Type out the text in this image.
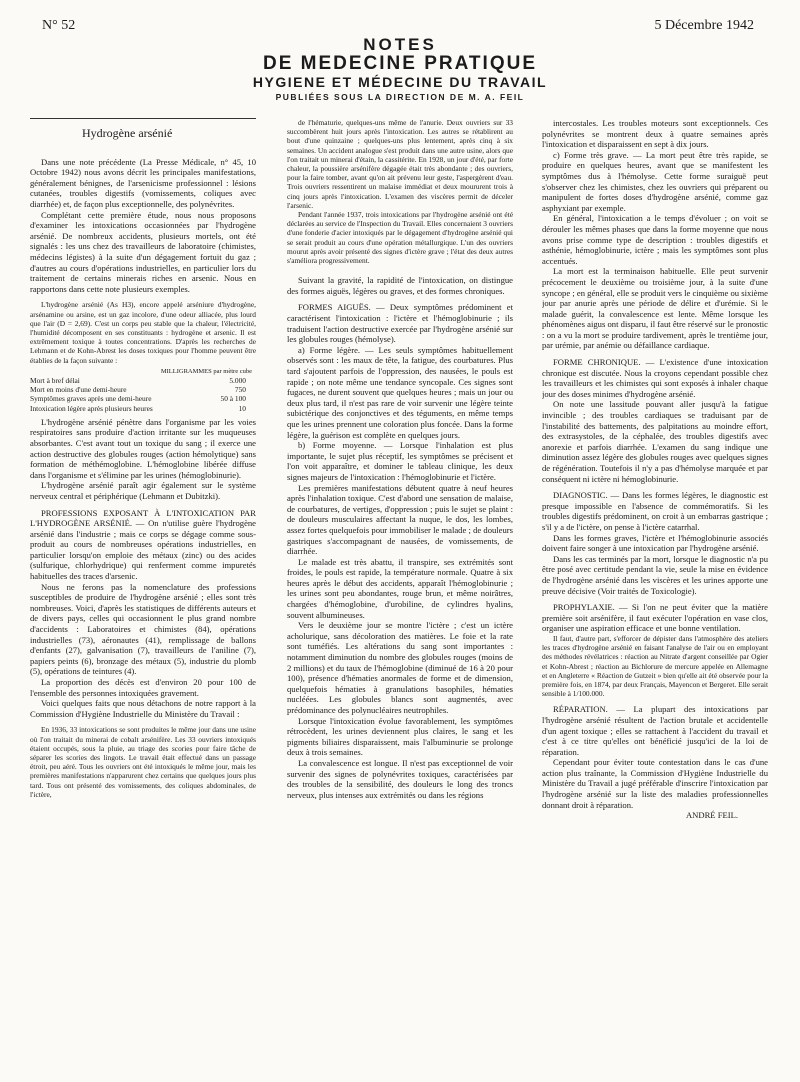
N° 52	5 Décembre 1942
NOTES
DE MEDECINE PRATIQUE
HYGIENE ET MÉDECINE DU TRAVAIL
PUBLIÉES SOUS LA DIRECTION DE M. A. FEIL
Hydrogène arsénié

Dans une note précédente (La Presse Médicale, n° 45, 10 Octobre 1942) nous avons décrit les principales manifestations, généralement bénignes, de l'arsenicisme professionnel : lésions cutanées, troubles digestifs (vomissements, coliques avec diarrhée) et, de façon plus exceptionnelle, des polynévrites.

Complétant cette première étude, nous nous proposons d'examiner les intoxications occasionnées par l'hydrogène arsénié. De nombreux accidents, plusieurs mortels, ont été signalés : les uns chez des travailleurs de laboratoire (chimistes, médecins légistes) à la suite d'un dégagement fortuit du gaz ; d'autres au cours d'opérations industrielles, en particulier lors du traitement de certains minerais riches en arsenic. Nous en rapportons dans cette note plusieurs exemples.

L'hydrogène arsénié (As H3), encore appelé arséniure d'hydrogène, arsénamine ou arsine, est un gaz incolore, d'une odeur alliacée, plus lourd que l'air (D = 2,69). C'est un corps peu stable que la chaleur, l'électricité, l'humidité décomposent en ses constituants : hydrogène et arsenic. Il est extrêmement toxique à toutes concentrations. D'après les recherches de Lehmann et de Kohn-Abrest les doses toxiques pour l'homme peuvent être établies de la façon suivante :

MILLIGRAMMES par mètre cube
Mort à bref délai	5.000
Mort en moins d'une demi-heure	750
Symptômes graves après une demi-heure	50 à 100
Intoxication légère après plusieurs heures	10

L'hydrogène arsénié pénètre dans l'organisme par les voies respiratoires sans produire d'action irritante sur les muqueuses absorbantes. C'est avant tout un toxique du sang ; il exerce une action destructive des globules rouges (action hémolytique) sans formation de méthémoglobine. L'hémoglobine libérée diffuse dans l'organisme et s'élimine par les urines (hémoglobinurie).

L'hydrogène arsénié paraît agir également sur le système nerveux central et périphérique (Lehmann et Dubitzki).

PROFESSIONS EXPOSANT À L'INTOXICATION PAR L'HYDROGÈNE ARSÉNIÉ. — On n'utilise guère l'hydrogène arsénié dans l'industrie ; mais ce corps se dégage comme sous-produit au cours de nombreuses opérations industrielles, en particulier lorsqu'on emploie des métaux (zinc) ou des acides (sulfurique, chlorhydrique) qui renferment comme impuretés habituelles des traces d'arsenic.

Nous ne ferons pas la nomenclature des professions susceptibles de produire de l'hydrogène arsénié ; elles sont très nombreuses. Voici, d'après les statistiques de différents auteurs et de divers pays, celles qui occasionnent le plus grand nombre d'accidents : Laboratoires et chimistes (84), opérations industrielles (73), aéronautes (41), remplissage de ballons d'enfants (27), galvanisation (7), travailleurs de l'aniline (7), papiers peints (6), bronzage des métaux (5), industrie du plomb (5), opérations de teintures (4).

La proportion des décès est d'environ 20 pour 100 de l'ensemble des personnes intoxiquées gravement.

Voici quelques faits que nous détachons de notre rapport à la Commission d'Hygiène Industrielle du Ministère du Travail :

En 1936, 33 intoxications se sont produites le même jour dans une usine où l'on traitait du minerai de cobalt arsénifère. Les 33 ouvriers intoxiqués étaient occupés, sous la pluie, au triage des scories pour faire tâche de séparer les scories des lingots. Le travail était effectué dans un passage étroit, peu aéré. Tous les ouvriers ont été intoxiqués le même jour, mais les premières manifestations n'apparurent chez certains que quelques jours plus tard. Tous ont présenté des vomissements, des coliques abdominales, de l'ictère,

de l'hématurie, quelques-uns même de l'anurie. Deux ouvriers sur 33 succombèrent huit jours après l'intoxication. Les autres se rétablirent au bout d'une quinzaine ; quelques-uns plus lentement, après cinq à six semaines. Un accident analogue s'est produit dans une autre usine, alors que l'on traitait un minerai d'étain, la cassitérite. En 1928, un jour d'été, par forte chaleur, la poussière arsénifère dégagée était très abondante ; des ouvriers, pour la faire tomber, avant qu'on ait prévenu leur geste, l'aspergèrent d'eau. Trois ouvriers ressentirent un malaise immédiat et deux moururent trois à cinq jours après l'intoxication. L'examen des viscères permit de déceler l'arsenic.

Pendant l'année 1937, trois intoxications par l'hydrogène arsénié ont été déclarées au service de l'Inspection du Travail. Elles concernaient 3 ouvriers d'une fonderie d'acier intoxiqués par le dégagement d'hydrogène arsénié qui se serait produit au cours d'une opération métallurgique. L'un des ouvriers mourut après avoir présenté des signes d'ictère grave ; l'état des deux autres s'améliora progressivement.

Suivant la gravité, la rapidité de l'intoxication, on distingue des formes aiguës, légères ou graves, et des formes chroniques.

FORMES AIGUËS. — Deux symptômes prédominent et caractérisent l'intoxication : l'ictère et l'hémoglobinurie ; ils traduisent l'action destructive exercée par l'hydrogène arsénié sur les globules rouges (hémolyse).

a) Forme légère. — Les seuls symptômes habituellement observés sont : les maux de tête, la fatigue, des courbatures. Plus tard s'ajoutent parfois de l'oppression, des nausées, le pouls est rapide ; on note même une tendance syncopale. Ces signes sont fugaces, ne durent souvent que quelques heures ; mais un jour ou deux plus tard, il n'est pas rare de voir survenir une légère teinte subictérique des conjonctives et des téguments, en même temps que les urines prennent une coloration plus foncée. Dans la forme légère, la guérison est complète en quelques jours.

b) Forme moyenne. — Lorsque l'inhalation est plus importante, le sujet plus réceptif, les symptômes se précisent et l'on voit apparaître, et dominer le tableau clinique, les deux signes majeurs de l'intoxication : l'hémoglobinurie et l'ictère.

Les premières manifestations débutent quatre à neuf heures après l'inhalation toxique. C'est d'abord une sensation de malaise, de courbatures, de vertiges, d'oppression ; puis le sujet se plaint : de douleurs musculaires affectant la nuque, le dos, les lombes, assez fortes quelquefois pour immobiliser le malade ; de douleurs gastriques s'accompagnant de nausées, de vomissements, de diarrhée.

Le malade est très abattu, il transpire, ses extrémités sont froides, le pouls est rapide, la température normale. Quatre à six heures après le début des accidents, apparaît l'hémoglobinurie ; les urines sont peu abondantes, rouge brun, et même noirâtres, chargées d'hémoglobine, d'urobiline, de cylindres hyalins, souvent albumineuses.

Vers le deuxième jour se montre l'ictère ; c'est un ictère acholurique, sans décoloration des matières. Le foie et la rate sont tuméfiés. Les altérations du sang sont importantes : notamment diminution du nombre des globules rouges (moins de 2 millions) et du taux de l'hémoglobine (diminué de 16 à 20 pour 100), présence d'hématies anormales de forme et de dimension, quelquefois hématies à granulations basophiles, hématies nucléées. Les globules blancs sont augmentés, avec prédominance des polynucléaires neutrophiles.

Lorsque l'intoxication évolue favorablement, les symptômes rétrocèdent, les urines deviennent plus claires, le sang et les pigments biliaires disparaissent, mais l'albuminurie se prolonge deux à trois semaines.

La convalescence est longue. Il n'est pas exceptionnel de voir survenir des signes de polynévrites toxiques, caractérisées par des troubles de la sensibilité, des douleurs le long des troncs nerveux, plus intenses aux extrémités ou dans les régions

intercostales. Les troubles moteurs sont exceptionnels. Ces polynévrites se montrent deux à quatre semaines après l'intoxication et disparaissent en sept à dix jours.

c) Forme très grave. — La mort peut être très rapide, se produire en quelques heures, avant que se manifestent les symptômes dus à l'hémolyse. Cette forme suraiguë peut s'observer chez les chimistes, chez les ouvriers qui préparent ou manipulent de fortes doses d'hydrogène arsénié, comme gaz asphyxiant par exemple.

En général, l'intoxication a le temps d'évoluer ; on voit se dérouler les mêmes phases que dans la forme moyenne que nous avons prise comme type de description : troubles digestifs et asthénie, hémoglobinurie, ictère ; mais les symptômes sont plus accentués.

La mort est la terminaison habituelle. Elle peut survenir précocement le deuxième ou troisième jour, à la suite d'une syncope ; en général, elle se produit vers le cinquième ou sixième jour par anurie après une période de délire et d'urémie. Si le malade guérit, la convalescence est lente. Même lorsque les phénomènes aigus ont disparu, il faut être réservé sur le pronostic : on a vu la mort se produire tardivement, après le trentième jour, par urémie, par anémie ou défaillance cardiaque.

FORME CHRONIQUE. — L'existence d'une intoxication chronique est discutée. Nous la croyons cependant possible chez les travailleurs et les chimistes qui sont exposés à inhaler chaque jour des doses minimes d'hydrogène arsénié.

On note une lassitude pouvant aller jusqu'à la fatigue invincible ; des troubles cardiaques se traduisant par de l'instabilité des battements, des palpitations au moindre effort, des extrasystoles, de la céphalée, des troubles digestifs avec anorexie et parfois diarrhée. L'examen du sang indique une diminution assez légère des globules rouges avec quelques signes de régénération. Toutefois il n'y a pas d'hémolyse marquée et par conséquent ni ictère ni hémoglobinurie.

DIAGNOSTIC. — Dans les formes légères, le diagnostic est presque impossible en l'absence de commémoratifs. Si les troubles digestifs prédominent, on croit à un embarras gastrique ; s'il y a de l'ictère, on pense à l'ictère catarrhal.

Dans les formes graves, l'ictère et l'hémoglobinurie associés doivent faire songer à une intoxication par l'hydrogène arsénié.

Dans les cas terminés par la mort, lorsque le diagnostic n'a pu être posé avec certitude pendant la vie, seule la mise en évidence de l'hydrogène arsénié dans les viscères et les urines apporte une preuve décisive (Voir traités de Toxicologie).

PROPHYLAXIE. — Si l'on ne peut éviter que la matière première soit arsénifère, il faut exécuter l'opération en vase clos, organiser une aspiration efficace et une bonne ventilation.

Il faut, d'autre part, s'efforcer de dépister dans l'atmosphère des ateliers les traces d'hydrogène arsénié en faisant l'analyse de l'air ou en employant des méthodes révélatrices : réaction au Nitrate d'argent conseillée par Ogier et Kohn-Abrest ; réaction au Bichlorure de mercure appelée en Allemagne et en Angleterre « Réaction de Gutzeit » bien qu'elle ait été observée pour la première fois, en 1874, par deux Français, Mayencon et Bergeret. Elle serait sensible à 1/100.000.

RÉPARATION. — La plupart des intoxications par l'hydrogène arsénié résultent de l'action brutale et accidentelle d'un agent toxique ; elles se rattachent à l'accident du travail et c'est à ce titre qu'elles ont bénéficié jusqu'ici de la loi de réparation.

Cependant pour éviter toute contestation dans le cas d'une action plus traînante, la Commission d'Hygiène Industrielle du Ministère du Travail a jugé préférable d'inscrire l'intoxication par l'hydrogène arsénié sur la liste des maladies professionnelles donnant droit à réparation.

ANDRÉ FEIL.
